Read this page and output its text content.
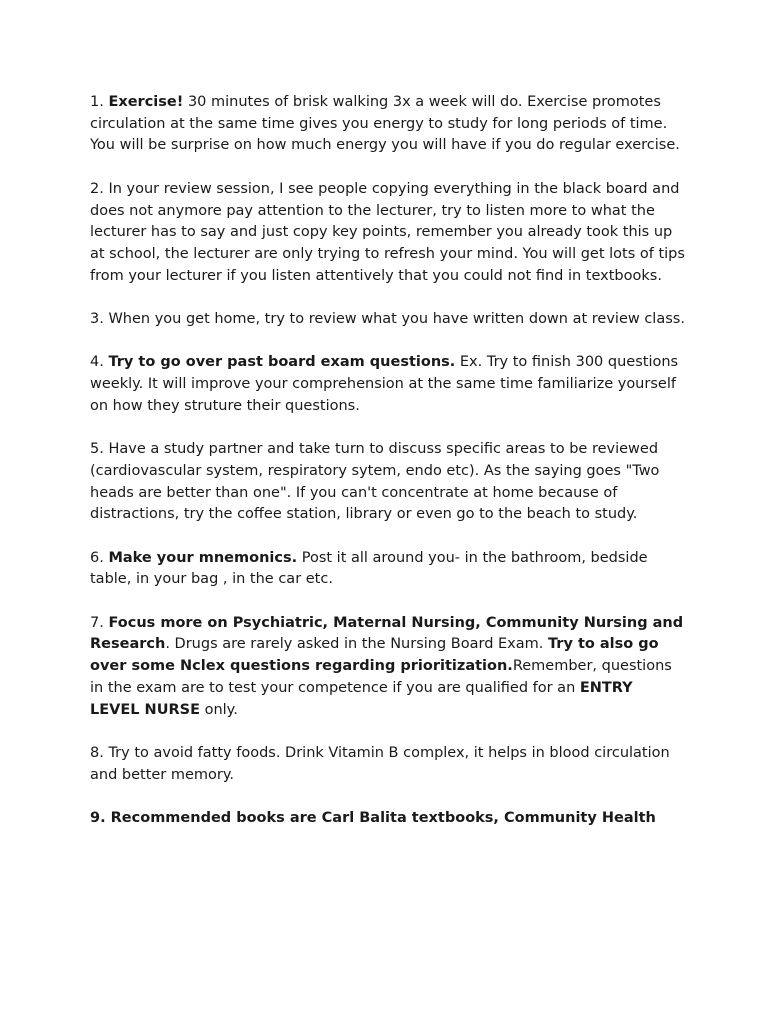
1. Exercise! 30 minutes of brisk walking 3x a week will do. Exercise promotes circulation at the same time gives you energy to study for long periods of time. You will be surprise on how much energy you will have if you do regular exercise.

2. In your review session, I see people copying everything in the black board and does not anymore pay attention to the lecturer, try to listen more to what the lecturer has to say and just copy key points, remember you already took this up at school, the lecturer are only trying to refresh your mind. You will get lots of tips from your lecturer if you listen attentively that you could not find in textbooks.

3. When you get home, try to review what you have written down at review class.

4. Try to go over past board exam questions. Ex. Try to finish 300 questions weekly. It will improve your comprehension at the same time familiarize yourself on how they struture their questions.

5. Have a study partner and take turn to discuss specific areas to be reviewed (cardiovascular system, respiratory sytem, endo etc). As the saying goes "Two heads are better than one". If you can't concentrate at home because of distractions, try the coffee station, library or even go to the beach to study.

6. Make your mnemonics. Post it all around you- in the bathroom, bedside table, in your bag , in the car etc.

7. Focus more on Psychiatric, Maternal Nursing, Community Nursing and Research. Drugs are rarely asked in the Nursing Board Exam. Try to also go over some Nclex questions regarding prioritization.Remember, questions in the exam are to test your competence if you are qualified for an ENTRY LEVEL NURSE only.

8. Try to avoid fatty foods. Drink Vitamin B complex, it helps in blood circulation and better memory.

9. Recommended books are Carl Balita textbooks, Community Health
